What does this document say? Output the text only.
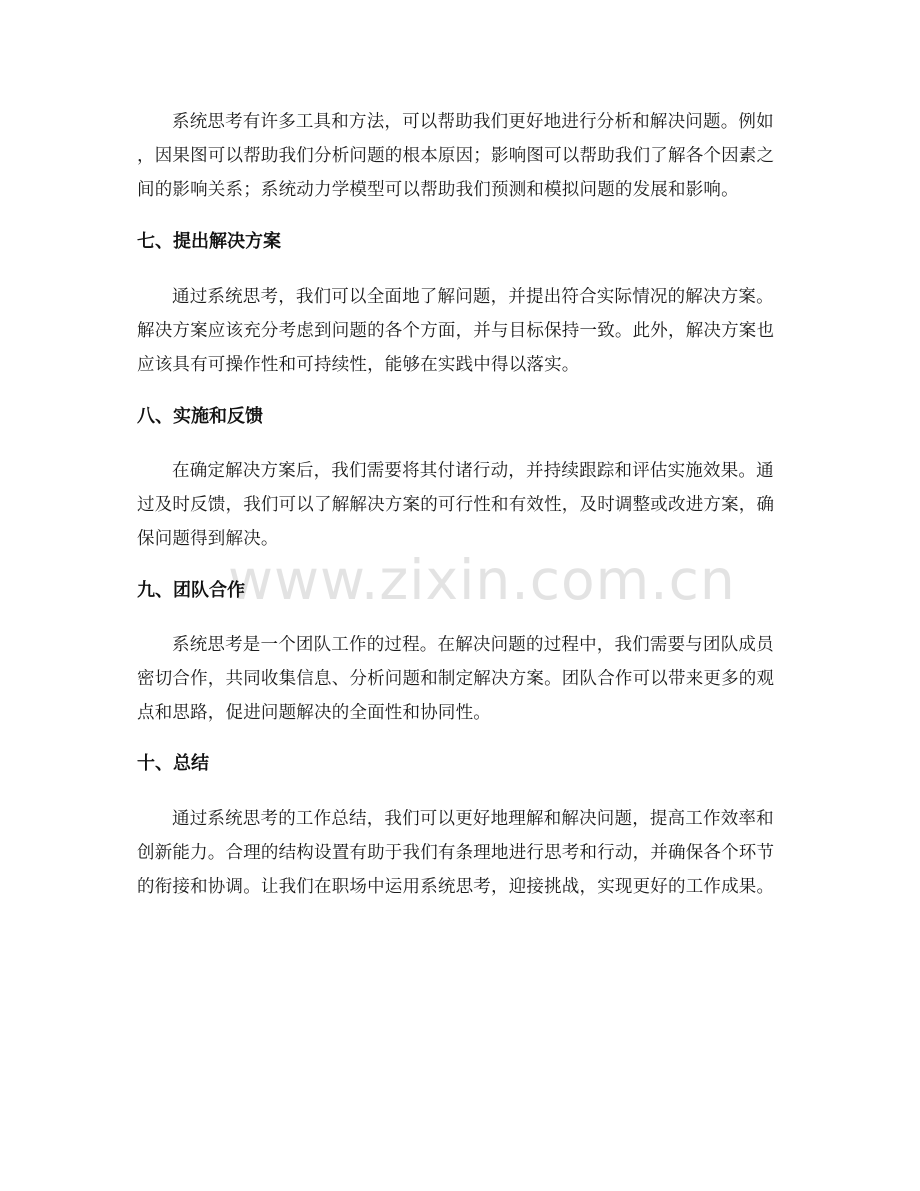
www.zixin.com.cn
系统思考有许多工具和方法，可以帮助我们更好地进行分析和解决问题。例如
，因果图可以帮助我们分析问题的根本原因；影响图可以帮助我们了解各个因素之
间的影响关系；系统动力学模型可以帮助我们预测和模拟问题的发展和影响。
七、提出解决方案
通过系统思考，我们可以全面地了解问题，并提出符合实际情况的解决方案。
解决方案应该充分考虑到问题的各个方面，并与目标保持一致。此外，解决方案也
应该具有可操作性和可持续性，能够在实践中得以落实。
八、实施和反馈
在确定解决方案后，我们需要将其付诸行动，并持续跟踪和评估实施效果。通
过及时反馈，我们可以了解解决方案的可行性和有效性，及时调整或改进方案，确
保问题得到解决。
九、团队合作
系统思考是一个团队工作的过程。在解决问题的过程中，我们需要与团队成员
密切合作，共同收集信息、分析问题和制定解决方案。团队合作可以带来更多的观
点和思路，促进问题解决的全面性和协同性。
十、总结
通过系统思考的工作总结，我们可以更好地理解和解决问题，提高工作效率和
创新能力。合理的结构设置有助于我们有条理地进行思考和行动，并确保各个环节
的衔接和协调。让我们在职场中运用系统思考，迎接挑战，实现更好的工作成果。
